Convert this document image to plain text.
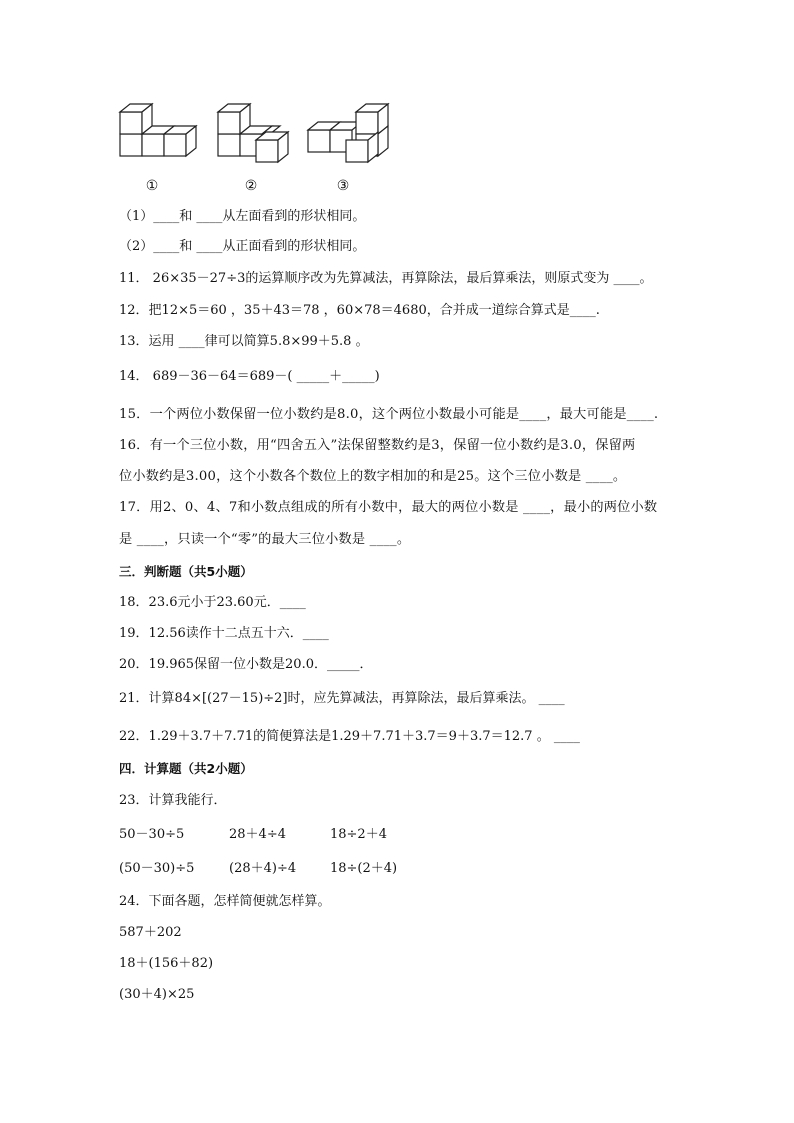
①	②	③
（1）____和 ____从左面看到的形状相同。
（2）____和 ____从正面看到的形状相同。
11． 26×35－27÷3的运算顺序改为先算减法，再算除法，最后算乘法，则原式变为 ____。
12．把12×5＝60 ，35＋43＝78 ，60×78＝4680，合并成一道综合算式是____.
13．运用 ____律可以简算5.8×99＋5.8 。
14． 689－36－64＝689－( _____＋_____)
15．一个两位小数保留一位小数约是8.0，这个两位小数最小可能是____，最大可能是____.
16．有一个三位小数，用“四舍五入”法保留整数约是3，保留一位小数约是3.0，保留两
位小数约是3.00，这个小数各个数位上的数字相加的和是25。这个三位小数是 ____。
17．用2、0、4、7和小数点组成的所有小数中，最大的两位小数是 ____，最小的两位小数
是 ____，只读一个“零”的最大三位小数是 ____。
三．判断题（共5小题）
18．23.6元小于23.60元．____
19．12.56读作十二点五十六．____
20．19.965保留一位小数是20.0．_____．
21．计算84×[(27－15)÷2]时，应先算减法，再算除法，最后算乘法。 ____
22．1.29＋3.7＋7.71的简便算法是1.29＋7.71＋3.7＝9＋3.7＝12.7 。 ____
四．计算题（共2小题）
23．计算我能行．
50－30÷5	28＋4÷4	18÷2＋4
(50－30)÷5	(28＋4)÷4	18÷(2＋4)
24．下面各题，怎样简便就怎样算。
587＋202
18＋(156＋82)
(30＋4)×25
